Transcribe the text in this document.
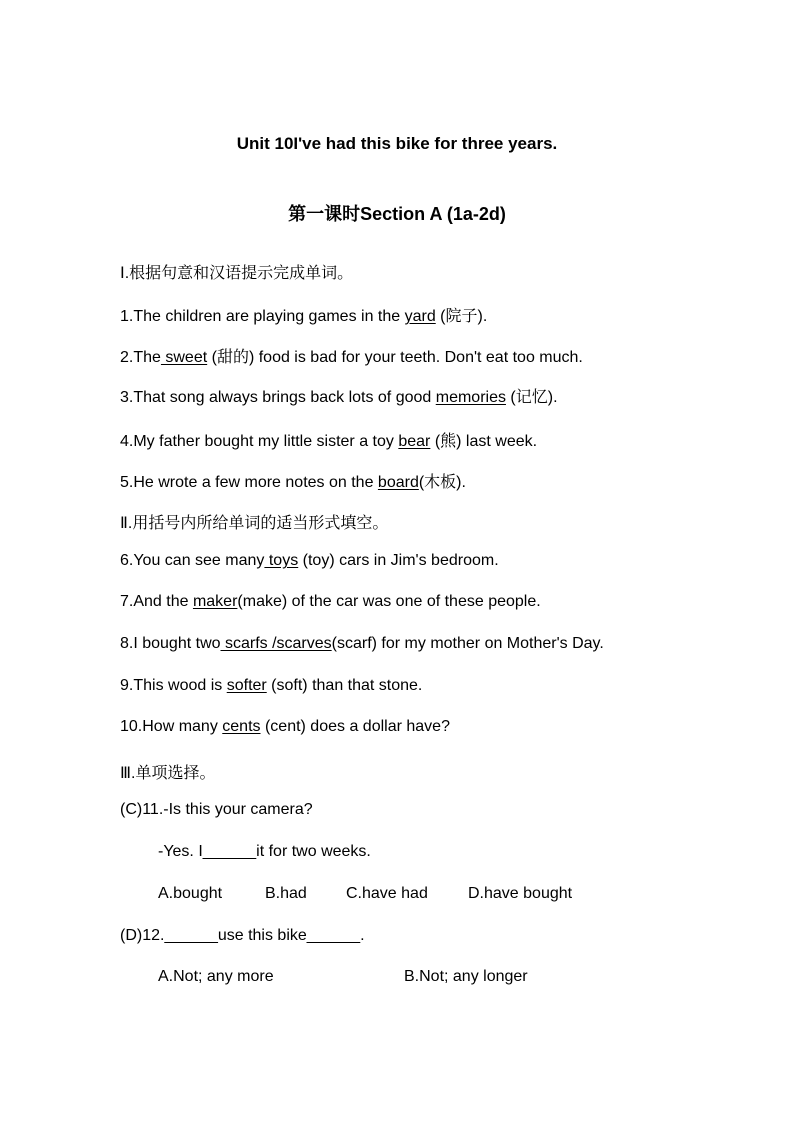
Unit 10I've had this bike for three years.
第一课时Section A (1a-2d)
Ⅰ.根据句意和汉语提示完成单词。
1.The children are playing games in the yard (院子).
2.The sweet (甜的) food is bad for your teeth. Don't eat too much.
3.That song always brings back lots of good memories (记忆).
4.My father bought my little sister a toy bear (熊) last week.
5.He wrote a few more notes on the board(木板).
Ⅱ.用括号内所给单词的适当形式填空。
6.You can see many toys (toy) cars in Jim's bedroom.
7.And the maker(make) of the car was one of these people.
8.I bought two scarfs /scarves(scarf) for my mother on Mother's Day.
9.This wood is softer (soft) than that stone.
10.How many cents (cent) does a dollar have?
Ⅲ.单项选择。
(C)11.-Is this your camera?
-Yes. I______it for two weeks.
A.bought	B.had C.have had	D.have bought
(D)12.______use this bike______.
A.Not; any more	B.Not; any longer
